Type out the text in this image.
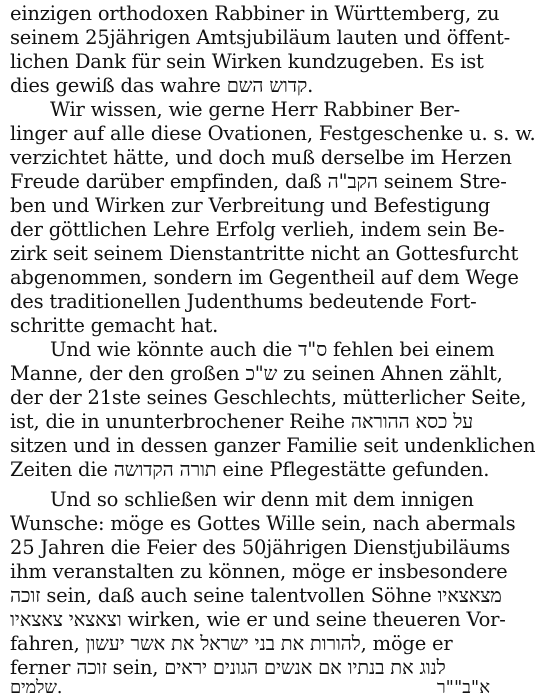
einzigen orthodoxen Rabbiner in Württemberg, zu
seinem 25jährigen Amtsjubiläum lauten und öffent-
lichen Dank für sein Wirken kundzugeben. Es ist
dies gewiß das wahre קדוש השם.
Wir wissen, wie gerne Herr Rabbiner Ber-
linger auf alle diese Ovationen, Festgeschenke u. s. w.
verzichtet hätte, und doch muß derselbe im Herzen
Freude darüber empfinden, daß הקב"ה seinem Stre-
ben und Wirken zur Verbreitung und Befestigung
der göttlichen Lehre Erfolg verlieh, indem sein Be-
zirk seit seinem Dienstantritte nicht an Gottesfurcht
abgenommen, sondern im Gegentheil auf dem Wege
des traditionellen Judenthums bedeutende Fort-
schritte gemacht hat.
Und wie könnte auch die ס"ד fehlen bei einem
Manne, der den großen ש"כ zu seinen Ahnen zählt,
der der 21ste seines Geschlechts, mütterlicher Seite,
ist, die in ununterbrochener Reihe על כסא ההוראה
sitzen und in dessen ganzer Familie seit undenklichen
Zeiten die תורה הקדושה eine Pflegestätte gefunden.
Und so schließen wir denn mit dem innigen
Wunsche: möge es Gottes Wille sein, nach abermals
25 Jahren die Feier des 50jährigen Dienstjubiläums
ihm veranstalten zu können, möge er insbesondere
זוכה sein, daß auch seine talentvollen Söhne מצאצאיו
וצאצאי צאצאיו wirken, wie er und seine theueren Vor-
fahren, להורות את בני ישראל את אשר יעשון, möge er
ferner זוכה sein, לנוג את בנתיו אם אנשים הגונים יראים
שלמים.	א"ב""ר
